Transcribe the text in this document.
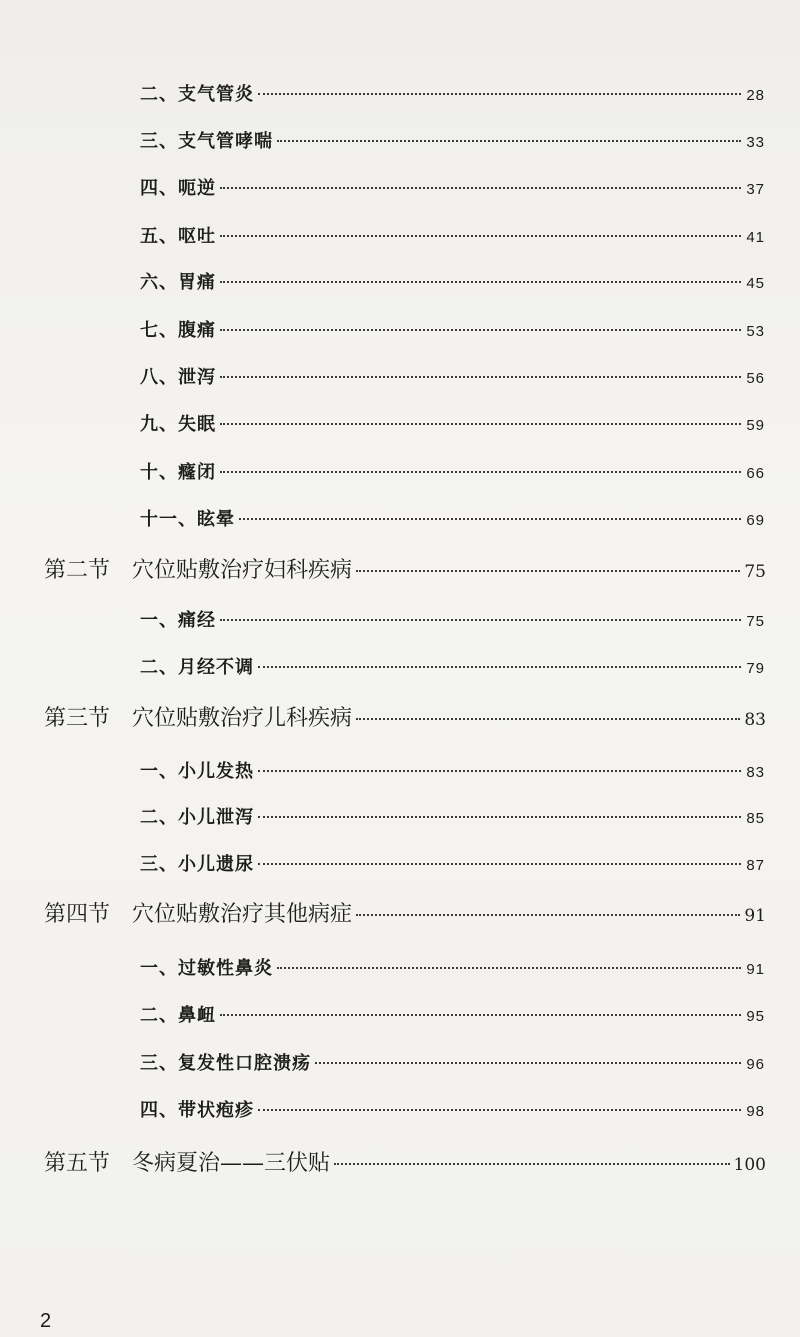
二、 支气管炎	28
三、 支气管哮喘	33
四、 呃逆	37
五、 呕吐	41
六、 胃痛	45
七、 腹痛	53
八、 泄泻	56
九、 失眠	59
十、 癃闭	66
十一、 眩晕	69
第二节 穴位贴敷治疗妇科疾病	75
一、 痛经	75
二、 月经不调	79
第三节 穴位贴敷治疗儿科疾病	83
一、 小儿发热	83
二、 小儿泄泻	85
三、 小儿遗尿	87
第四节 穴位贴敷治疗其他病症	91
一、 过敏性鼻炎	91
二、 鼻衄	95
三、 复发性口腔溃疡	96
四、 带状疱疹	98
第五节 冬病夏治——三伏贴	100
2
